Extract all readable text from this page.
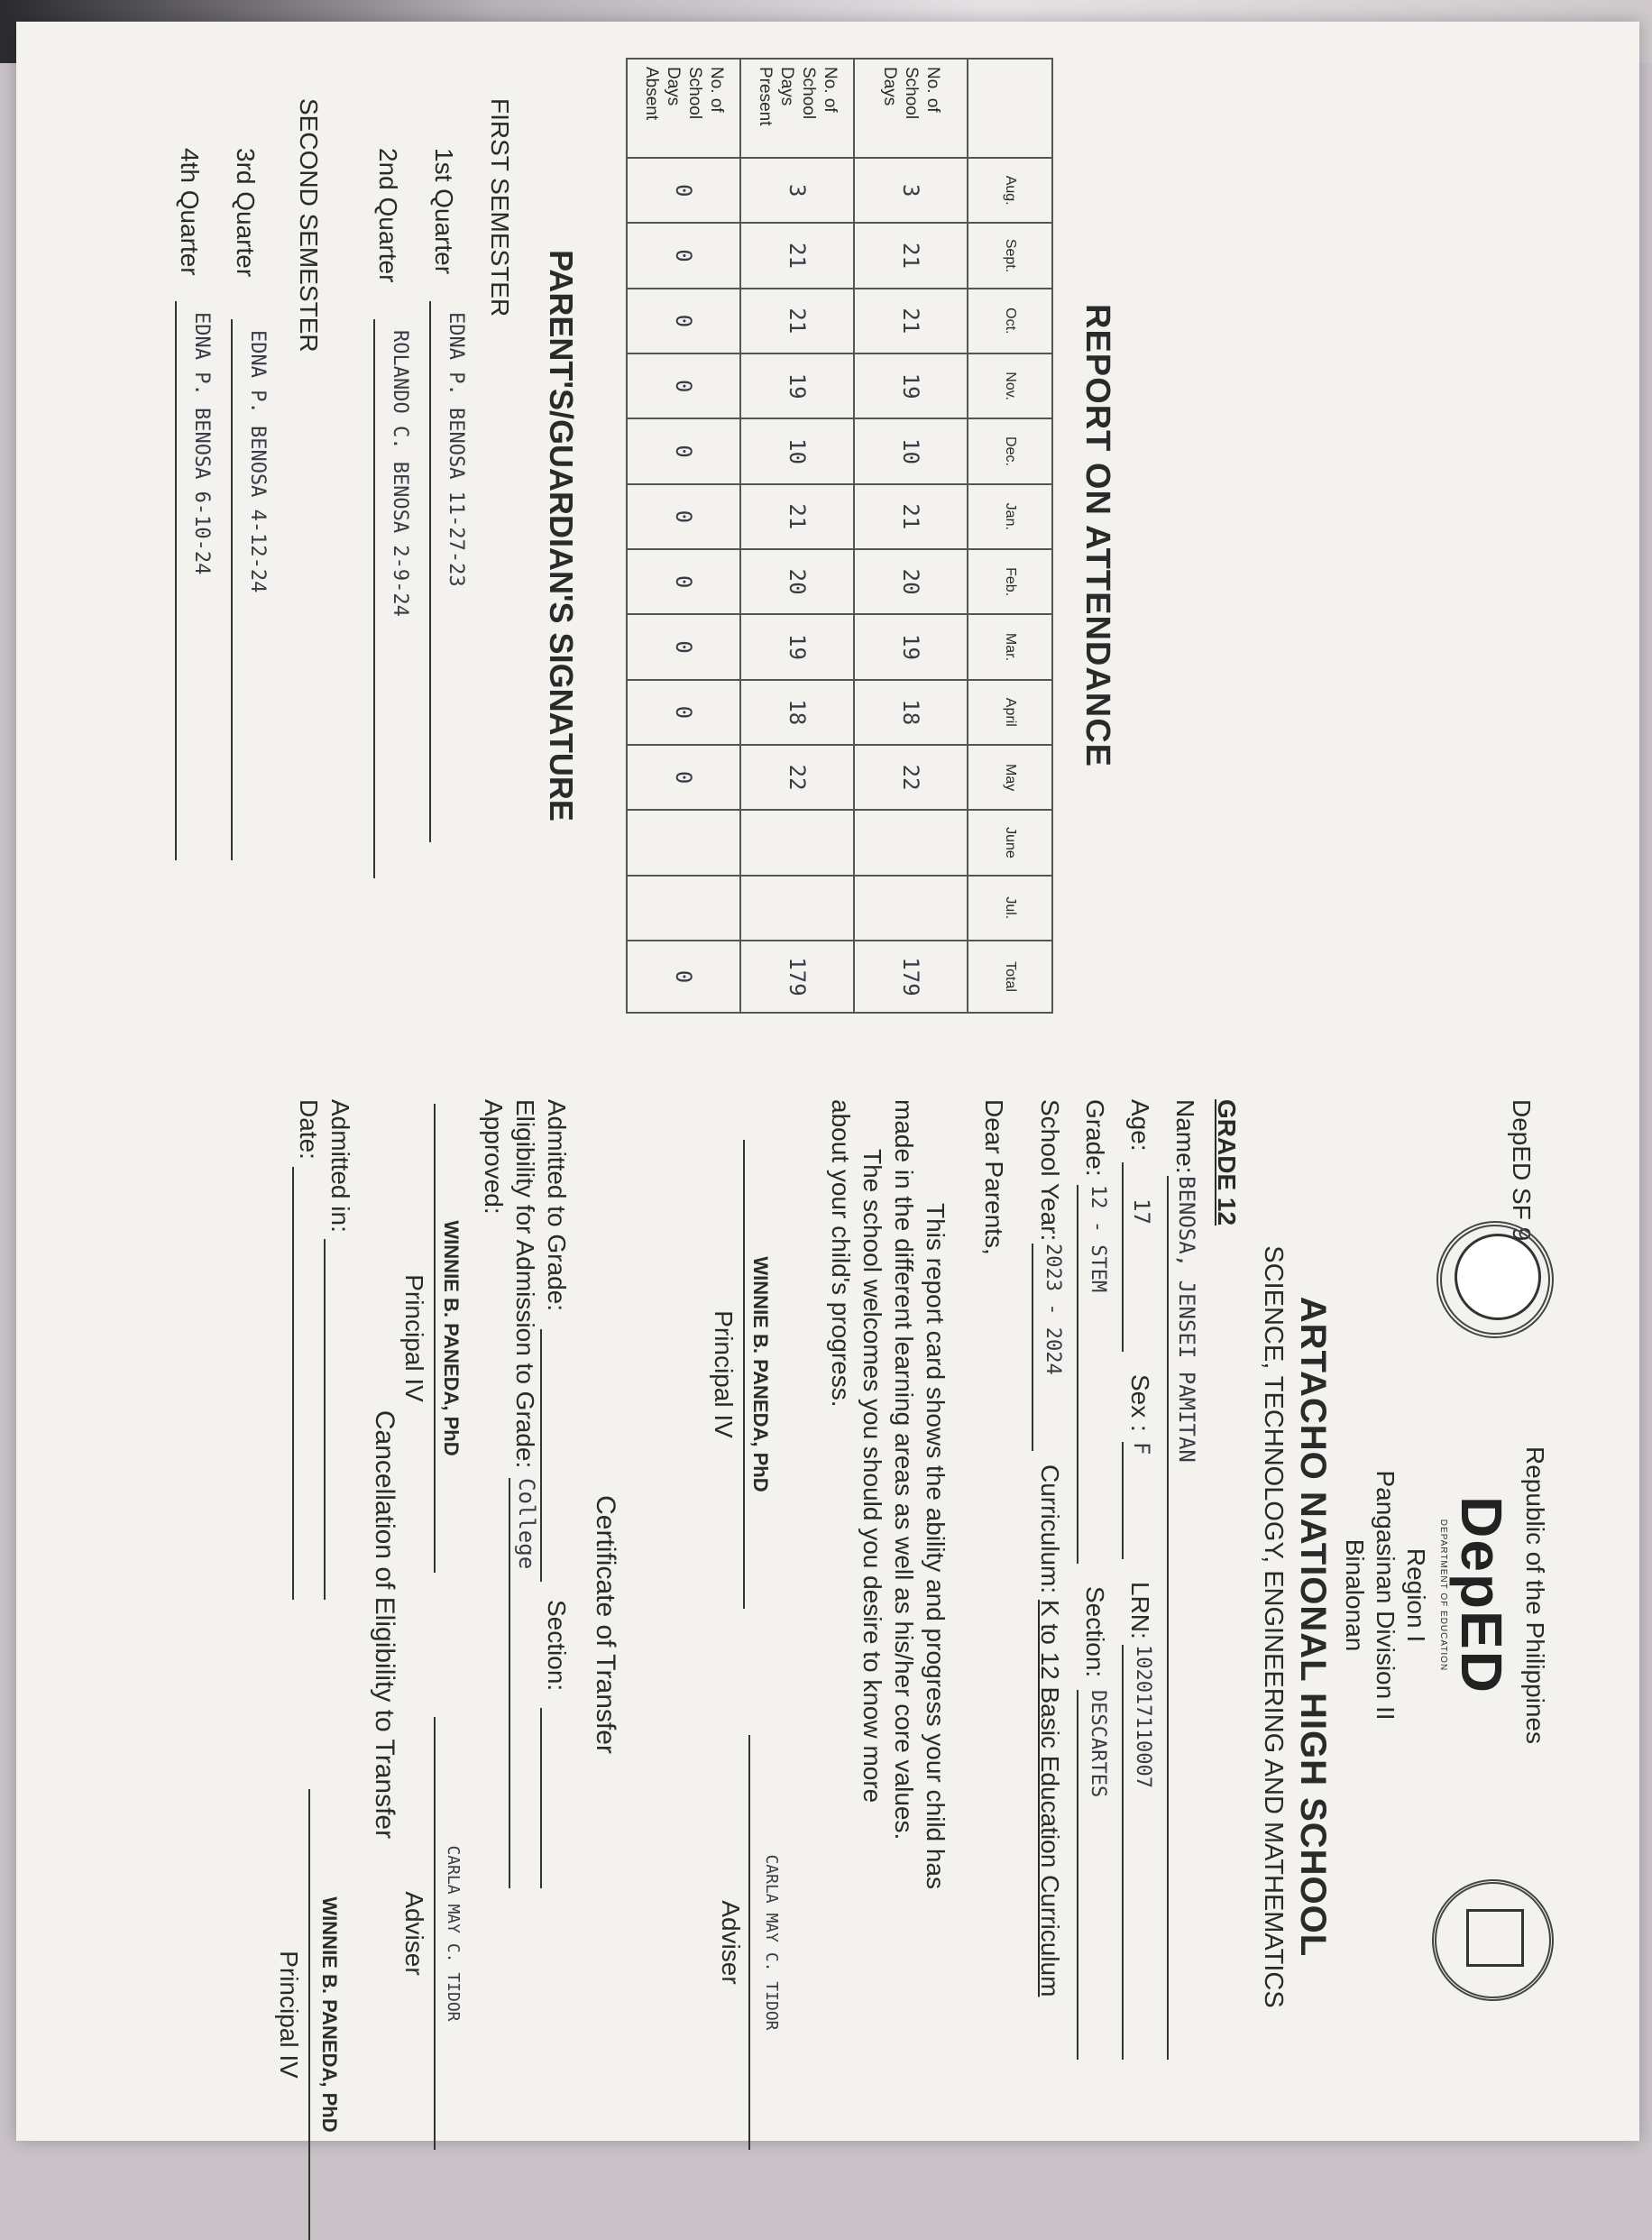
DepED SF 9
Republic of the Philippines
DepED
DEPARTMENT OF EDUCATION
Region I
Pangasinan Division II
Binalonan
ARTACHO NATIONAL HIGH SCHOOL
SCIENCE, TECHNOLOGY, ENGINEERING AND MATHEMATICS
GRADE 12
Name:
BENOSA, JENSEI PAMITAN
Age:
17
Sex :
F
LRN:
102017110007
Grade:
12 - STEM
Section:
DESCARTES
School Year:
2023 - 2024
Curriculum:
K to 12 Basic Education Curriculum
Dear Parents,
This report card shows the ability and progress your child has
made in the different learning areas as well as his/her core values.
The school welcomes you should you desire to know more
about your child's progress.
WINNIE B. PANEDA, PhD
Principal IV
CARLA MAY C. TIDOR
Adviser
Certificate of Transfer
Admitted to Grade:
Section:
Eligibility for Admission to Grade:
College
Approved:
WINNIE B. PANEDA, PhD
Principal IV
CARLA MAY C. TIDOR
Adviser
Cancellation of Eligibility to Transfer
Admitted in:
Date:
WINNIE B. PANEDA, PhD
Principal IV
REPORT ON ATTENDANCE
	Aug.	Sept.	Oct.	Nov.	Dec.	Jan.	Feb.	Mar.	April	May	June	Jul.	Total
No. of School Days	3	21	21	19	10	21	20	19	18	22			179
No. of School Days Present	3	21	21	19	10	21	20	19	18	22			179
No. of School Days Absent	0	0	0	0	0	0	0	0	0	0			0
PARENT'S/GUARDIAN'S SIGNATURE
FIRST SEMESTER
1st Quarter
EDNA P. BENOSA 11-27-23
2nd Quarter
ROLANDO C. BENOSA 2-9-24
SECOND SEMESTER
3rd Quarter
EDNA P. BENOSA 4-12-24
4th Quarter
EDNA P. BENOSA 6-10-24
